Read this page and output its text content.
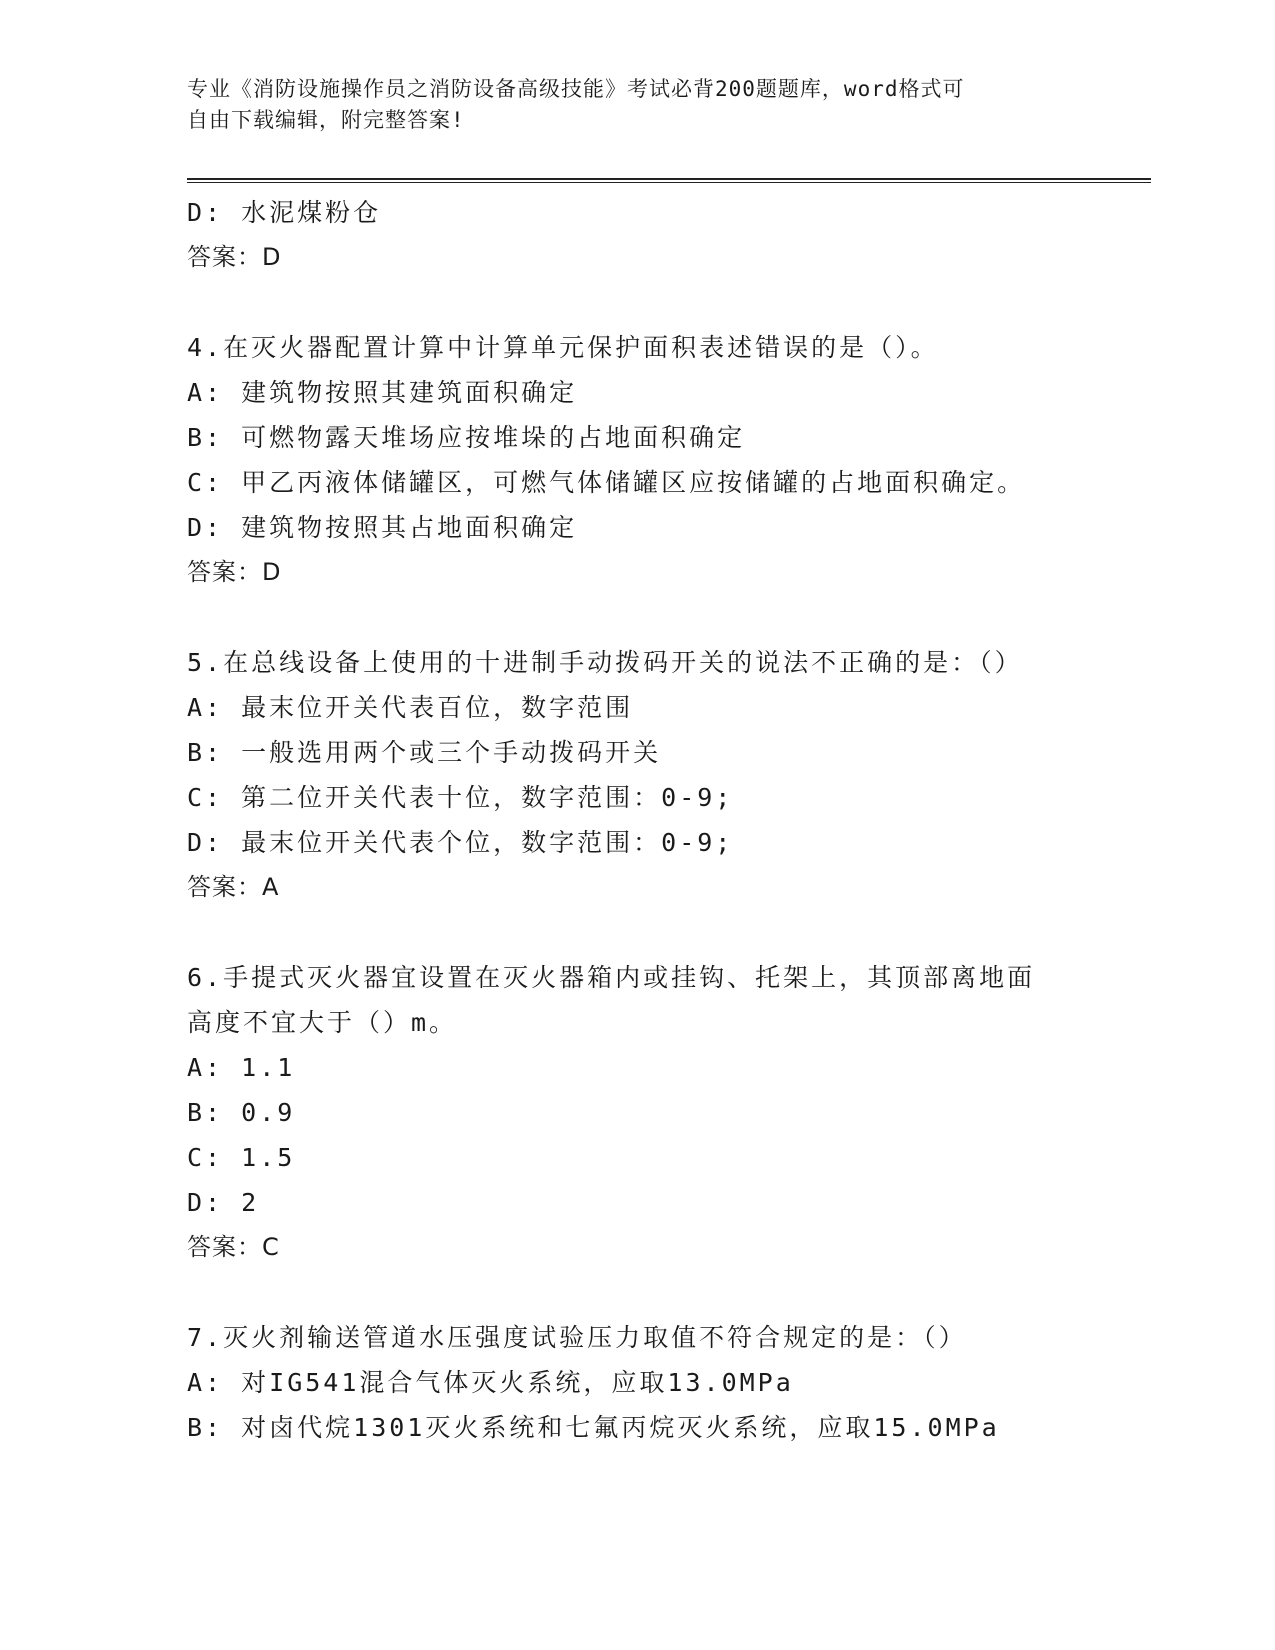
专业《消防设施操作员之消防设备高级技能》考试必背200题题库，word格式可
自由下载编辑，附完整答案!
D: 水泥煤粉仓
答案：D
4.在灭火器配置计算中计算单元保护面积表述错误的是（）。
A: 建筑物按照其建筑面积确定
B: 可燃物露天堆场应按堆垛的占地面积确定
C: 甲乙丙液体储罐区，可燃气体储罐区应按储罐的占地面积确定。
D: 建筑物按照其占地面积确定
答案：D
5.在总线设备上使用的十进制手动拨码开关的说法不正确的是：（）
A: 最末位开关代表百位，数字范围
B: 一般选用两个或三个手动拨码开关
C: 第二位开关代表十位，数字范围：0-9;
D: 最末位开关代表个位，数字范围：0-9;
答案：A
6.手提式灭火器宜设置在灭火器箱内或挂钩、托架上，其顶部离地面
高度不宜大于（）m。
A: 1.1
B: 0.9
C: 1.5
D: 2
答案：C
7.灭火剂输送管道水压强度试验压力取值不符合规定的是：（）
A: 对IG541混合气体灭火系统，应取13.0MPa
B: 对卤代烷1301灭火系统和七氟丙烷灭火系统，应取15.0MPa
